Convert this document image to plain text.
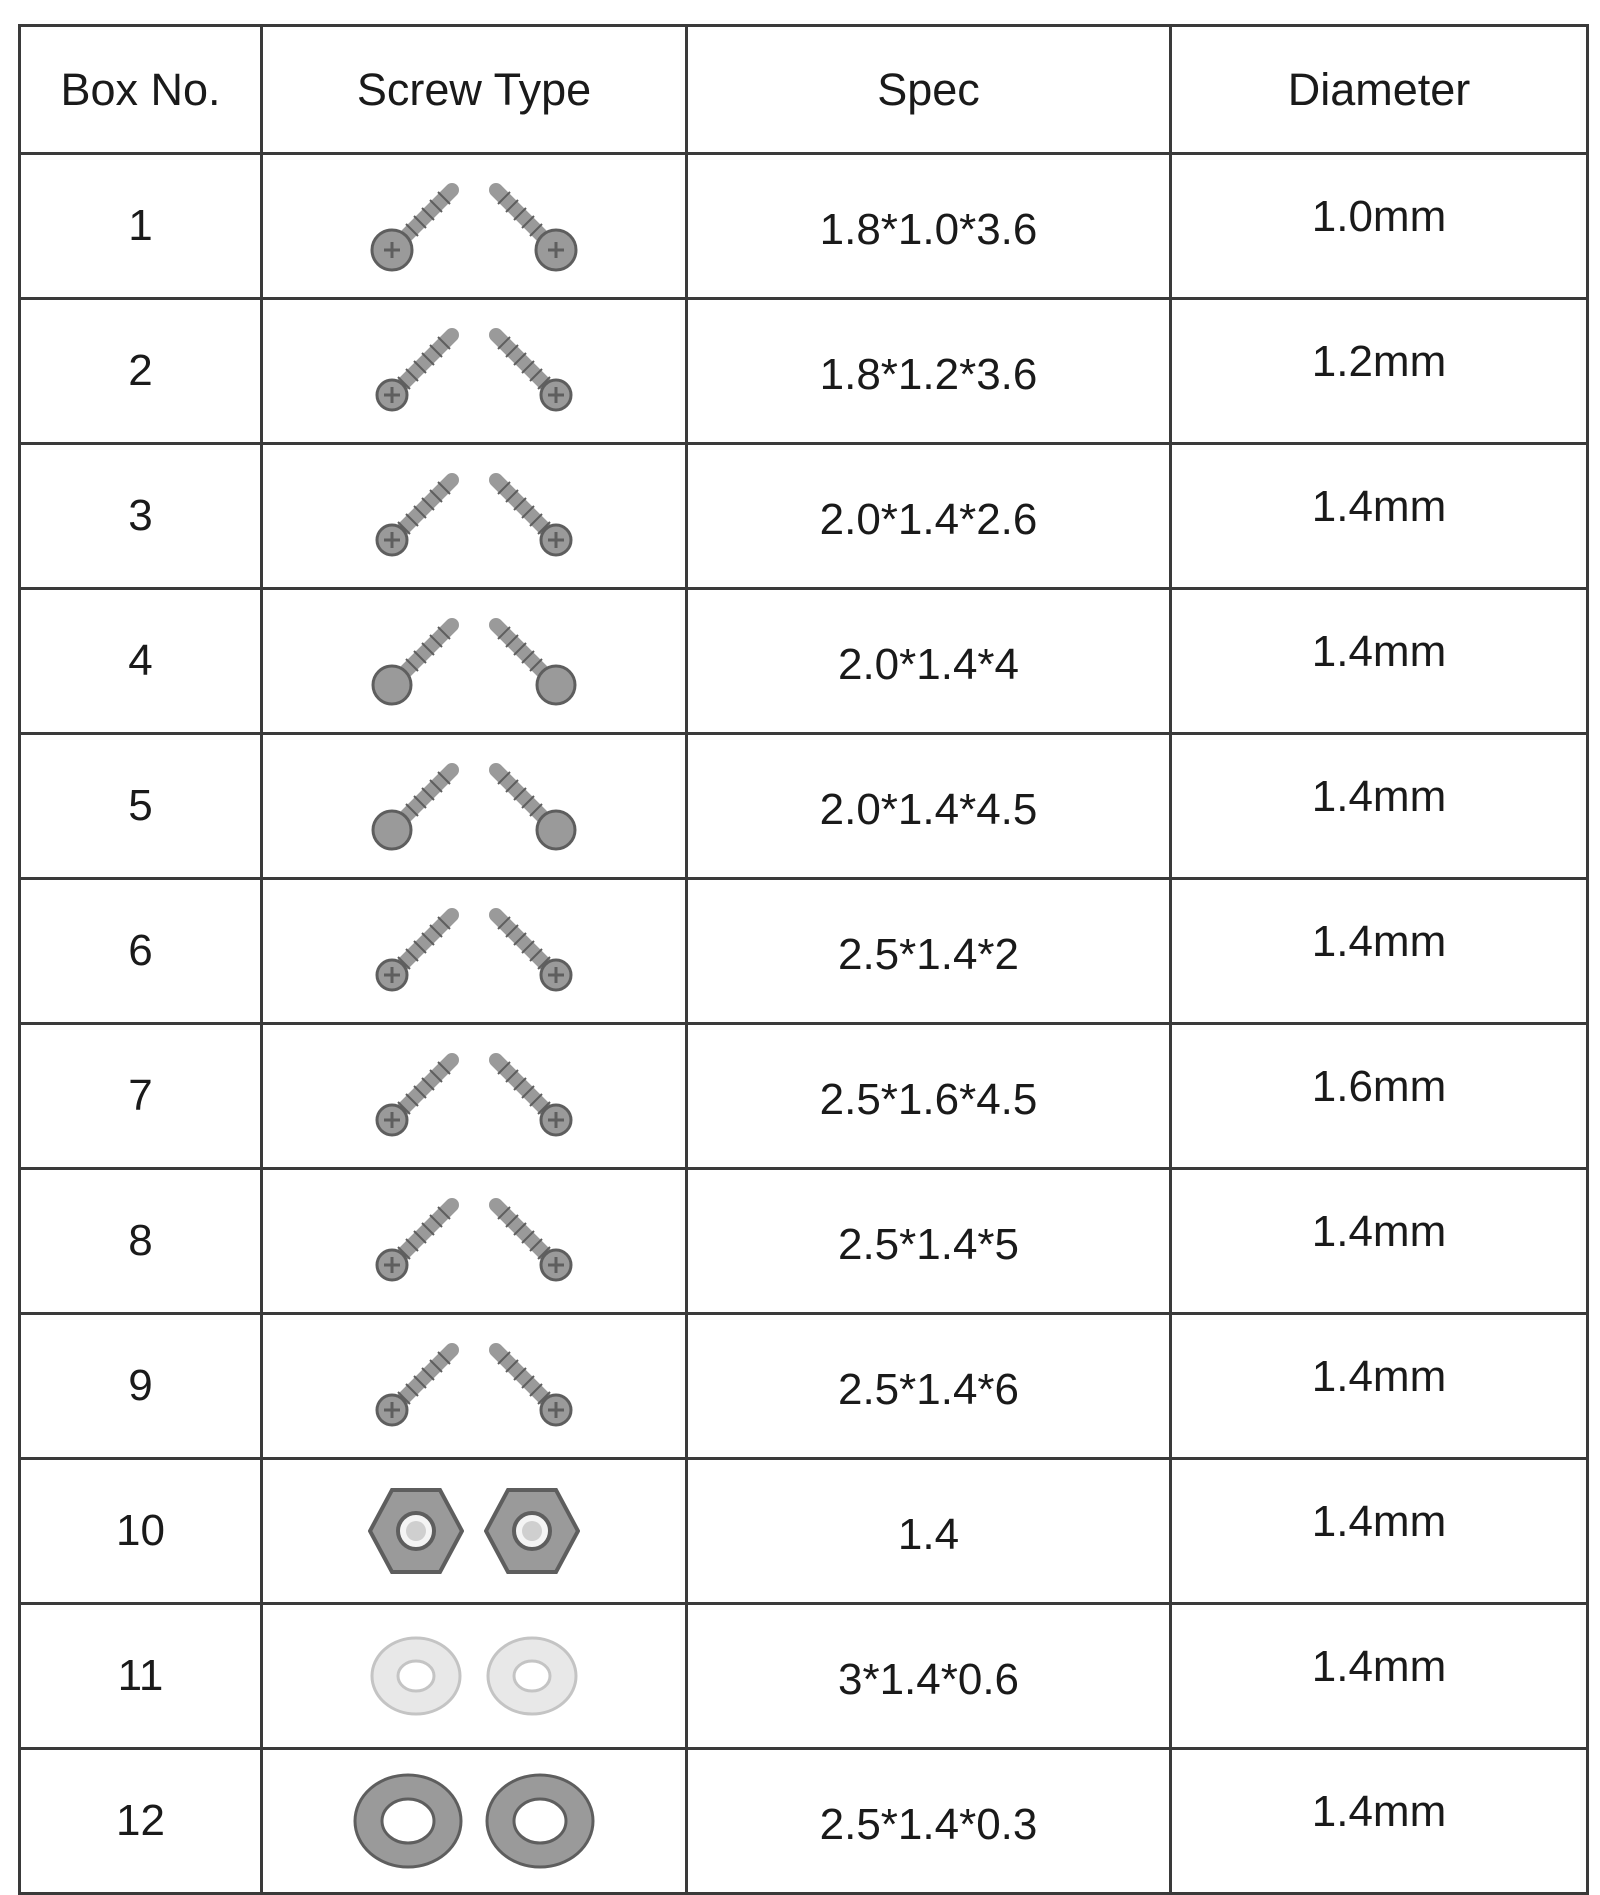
Box No.	Screw Type	Spec	Diameter
1		1.8*1.0*3.6	1.0mm
2		1.8*1.2*3.6	1.2mm
3		2.0*1.4*2.6	1.4mm
4		2.0*1.4*4	1.4mm
5		2.0*1.4*4.5	1.4mm
6		2.5*1.4*2	1.4mm
7		2.5*1.6*4.5	1.6mm
8		2.5*1.4*5	1.4mm
9		2.5*1.4*6	1.4mm
10		1.4	1.4mm
11		3*1.4*0.6	1.4mm
12		2.5*1.4*0.3	1.4mm
